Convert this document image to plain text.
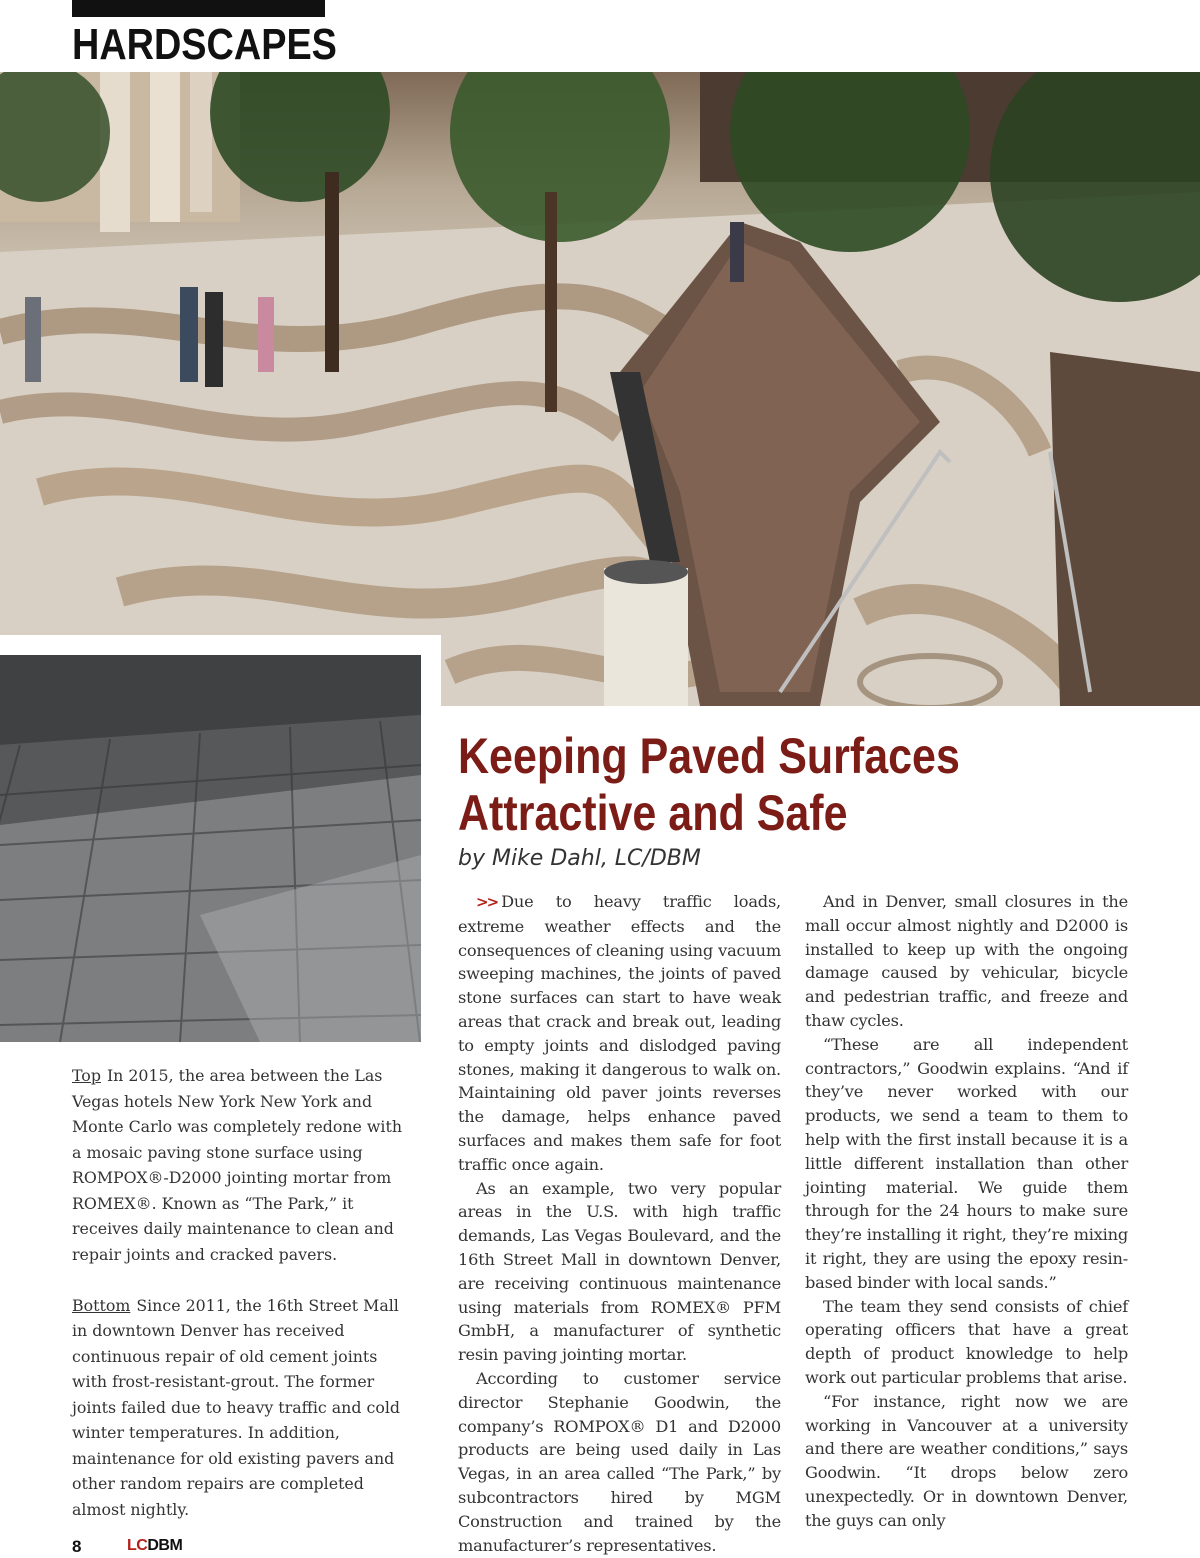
HARDSCAPES
Keeping Paved Surfaces
Attractive and Safe
by Mike Dahl, LC/DBM

>> Due to heavy traffic loads, extreme weather effects and the consequences of cleaning using vacuum sweeping machines, the joints of paved stone surfaces can start to have weak areas that crack and break out, leading to empty joints and dislodged paving stones, making it dangerous to walk on. Maintaining old paver joints reverses the damage, helps enhance paved surfaces and makes them safe for foot traffic once again.

As an example, two very popular areas in the U.S. with high traffic demands, Las Vegas Boulevard, and the 16th Street Mall in downtown Denver, are receiving continuous maintenance using materials from ROMEX® PFM GmbH, a manufacturer of synthetic resin paving jointing mortar.

According to customer service director Stephanie Goodwin, the company’s ROMPOX® D1 and D2000 products are being used daily in Las Vegas, in an area called “The Park,” by subcontractors hired by MGM Construction and trained by the manufacturer’s representatives.

And in Denver, small closures in the mall occur almost nightly and D2000 is installed to keep up with the ongoing damage caused by vehicular, bicycle and pedestrian traffic, and freeze and thaw cycles.

“These are all independent contractors,” Goodwin explains. “And if they’ve never worked with our products, we send a team to them to help with the first install because it is a little different installation than other jointing material. We guide them through for the 24 hours to make sure they’re installing it right, they’re mixing it right, they are using the epoxy resin-based binder with local sands.”

The team they send consists of chief operating officers that have a great depth of product knowledge to help work out particular problems that arise.

“For instance, right now we are working in Vancouver at a university and there are weather conditions,” says Goodwin. “It drops below zero unexpectedly. Or in downtown Denver, the guys can only

Top In 2015, the area between the Las Vegas hotels New York New York and Monte Carlo was completely redone with a mosaic paving stone surface using ROMPOX®-D2000 jointing mortar from ROMEX®. Known as “The Park,” it receives daily maintenance to clean and repair joints and cracked pavers.

Bottom Since 2011, the 16th Street Mall in downtown Denver has received continuous repair of old cement joints with frost-resistant-grout. The former joints failed due to heavy traffic and cold winter temperatures. In addition, maintenance for old existing pavers and other random repairs are completed almost nightly.

8	LCDBM
